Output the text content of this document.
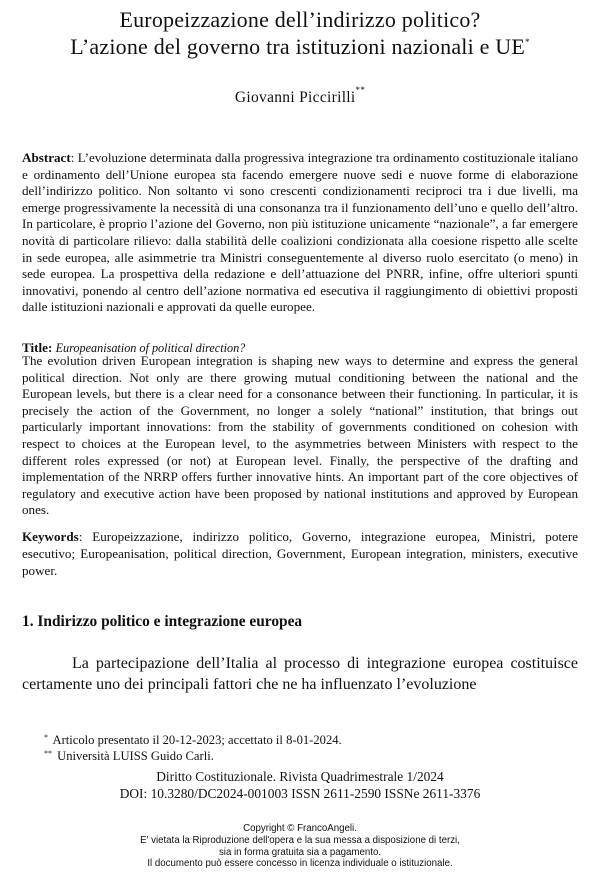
Europeizzazione dell’indirizzo politico?
L’azione del governo tra istituzioni nazionali e UE*
Giovanni Piccirilli**
Abstract: L’evoluzione determinata dalla progressiva integrazione tra ordinamento costituzionale italiano e ordinamento dell’Unione europea sta facendo emergere nuove sedi e nuove forme di elaborazione dell’indirizzo politico. Non soltanto vi sono crescenti condizionamenti reciproci tra i due livelli, ma emerge progressivamente la necessità di una consonanza tra il funzionamento dell’uno e quello dell’altro. In particolare, è proprio l’azione del Governo, non più istituzione unicamente “nazionale”, a far emergere novità di particolare rilievo: dalla stabilità delle coalizioni condizionata alla coesione rispetto alle scelte in sede europea, alle asimmetrie tra Ministri conseguentemente al diverso ruolo esercitato (o meno) in sede europea. La prospettiva della redazione e dell’attuazione del PNRR, infine, offre ulteriori spunti innovativi, ponendo al centro dell’azione normativa ed esecutiva il raggiungimento di obiettivi proposti dalle istituzioni nazionali e approvati da quelle europee.
Title: Europeanisation of political direction?
The evolution driven European integration is shaping new ways to determine and express the general political direction. Not only are there growing mutual conditioning between the national and the European levels, but there is a clear need for a consonance between their functioning. In particular, it is precisely the action of the Government, no longer a solely “national” institution, that brings out particularly important innovations: from the stability of governments conditioned on cohesion with respect to choices at the European level, to the asymmetries between Ministers with respect to the different roles expressed (or not) at European level. Finally, the perspective of the drafting and implementation of the NRRP offers further innovative hints. An important part of the core objectives of regulatory and executive action have been proposed by national institutions and approved by European ones.
Keywords: Europeizzazione, indirizzo politico, Governo, integrazione europea, Ministri, potere esecutivo; Europeanisation, political direction, Government, European integration, ministers, executive power.
1. Indirizzo politico e integrazione europea
La partecipazione dell’Italia al processo di integrazione europea costituisce certamente uno dei principali fattori che ne ha influenzato l’evoluzione
* Articolo presentato il 20-12-2023; accettato il 8-01-2024.
** Università LUISS Guido Carli.
Diritto Costituzionale. Rivista Quadrimestrale 1/2024
DOI: 10.3280/DC2024-001003 ISSN 2611-2590 ISSNe 2611-3376
Copyright © FrancoAngeli.
E' vietata la Riproduzione dell'opera e la sua messa a disposizione di terzi,
sia in forma gratuita sia a pagamento.
Il documento può essere concesso in licenza individuale o istituzionale.
